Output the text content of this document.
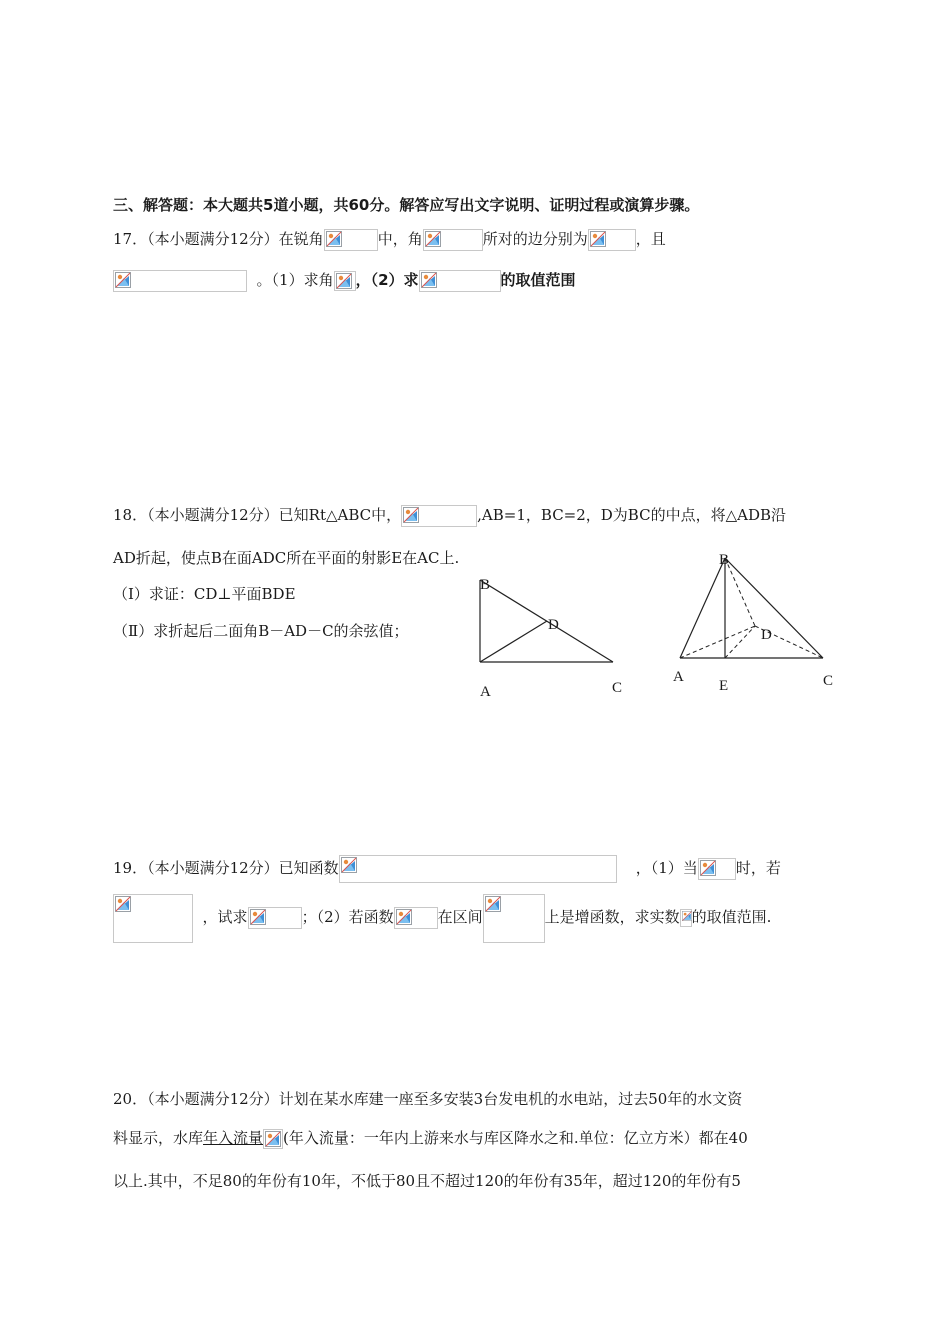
三、解答题：本大题共5道小题，共60分。解答应写出文字说明、证明过程或演算步骤。
17．（本小题满分12分）在锐角	中，角	所对的边分别为	，且
。（1）求角 ，（2）求	的取值范围
18．（本小题满分12分）已知Rt△ABC中，	,AB=1，BC=2，D为BC的中点，将△ADB沿
AD折起，使点B在面ADC所在平面的射影E在AC上.
（Ⅰ）求证：CD⊥平面BDE
（Ⅱ）求折起后二面角B－AD－C的余弦值；
B
D
A	C
B
D
A
E	C
19．（本小题满分12分）已知函数	，（1）当	时，若
，试求	；（2）若函数	在区间	上是增函数，求实数 的取值范围.
20．（本小题满分12分）计划在某水库建一座至多安装3台发电机的水电站，过去50年的水文资
料显示，水库年入流量 (年入流量：一年内上游来水与库区降水之和.单位：亿立方米）都在40
以上.其中，不足80的年份有10年，不低于80且不超过120的年份有35年，超过120的年份有5
